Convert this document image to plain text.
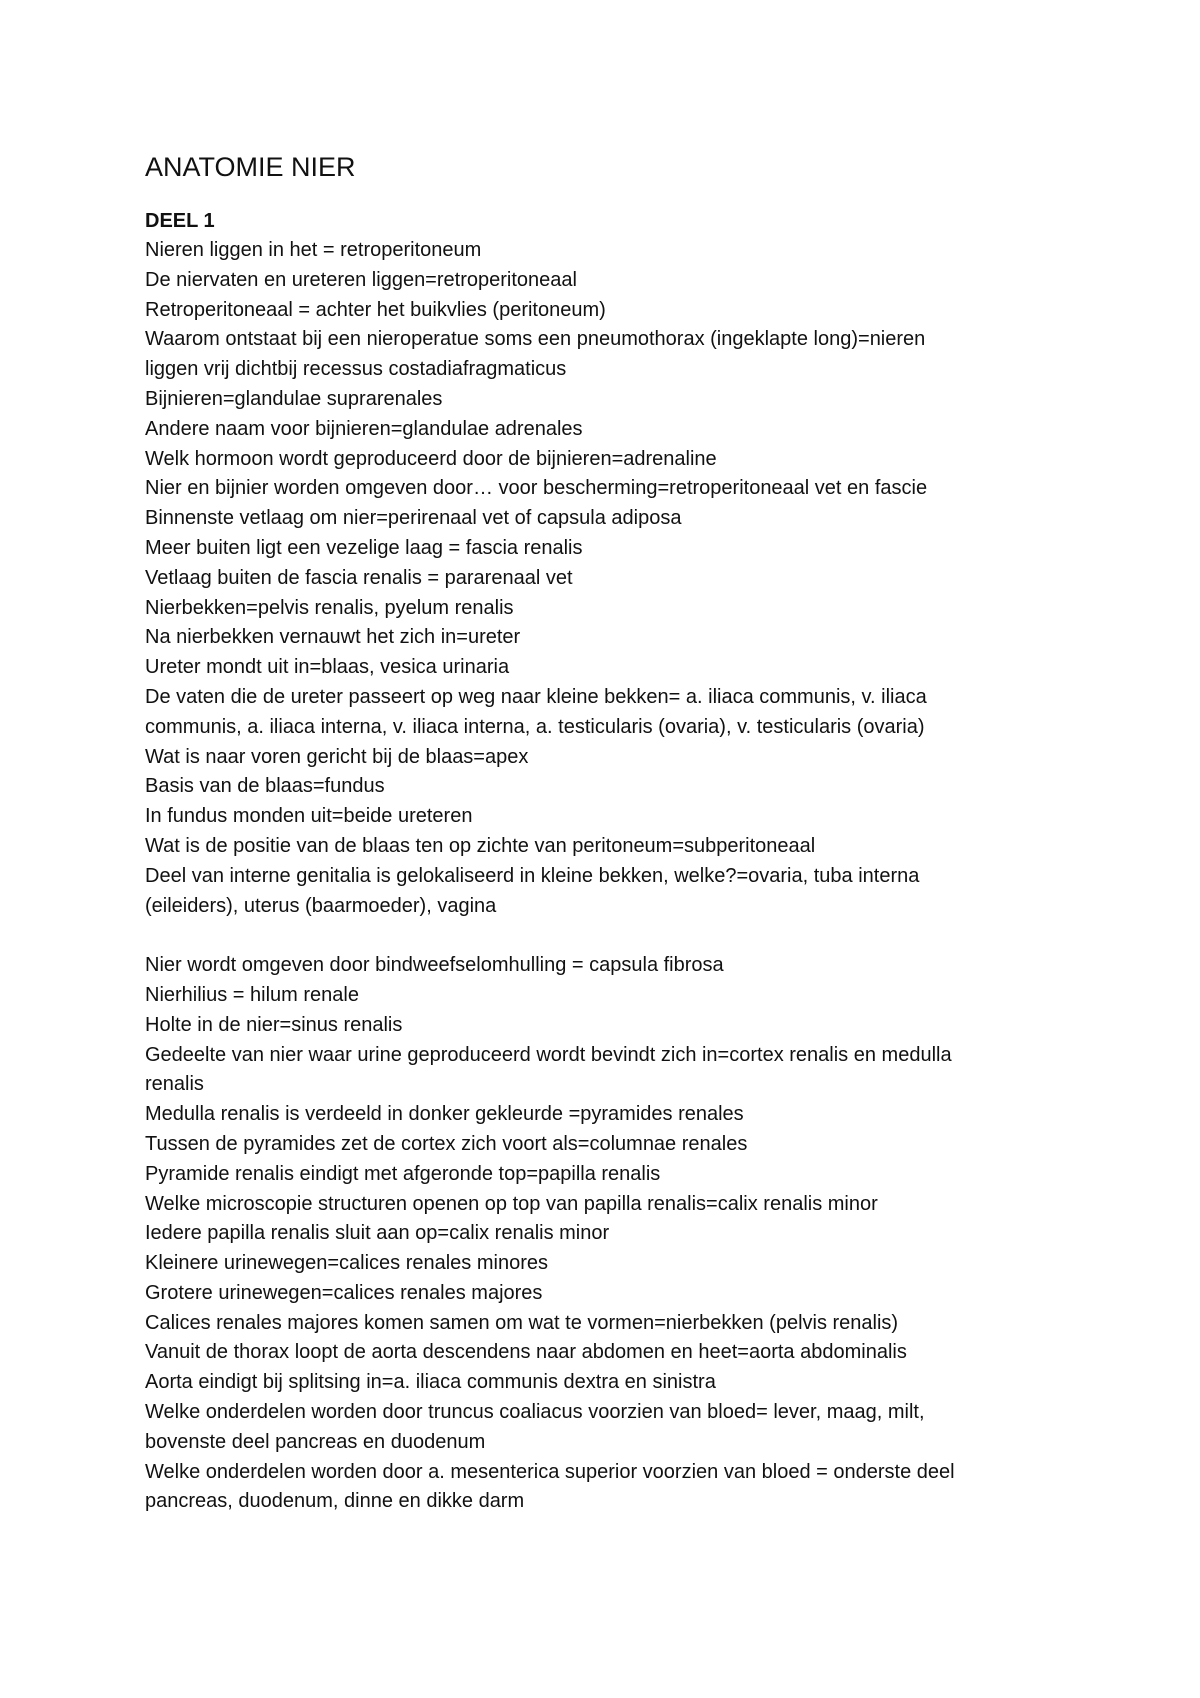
ANATOMIE NIER
DEEL 1
Nieren liggen in het = retroperitoneum
De niervaten en ureteren liggen=retroperitoneaal
Retroperitoneaal = achter het buikvlies (peritoneum)
Waarom ontstaat bij een nieroperatue soms een pneumothorax (ingeklapte long)=nieren
liggen vrij dichtbij recessus costadiafragmaticus
Bijnieren=glandulae suprarenales
Andere naam voor bijnieren=glandulae adrenales
Welk hormoon wordt geproduceerd door de bijnieren=adrenaline
Nier en bijnier worden omgeven door… voor bescherming=retroperitoneaal vet en fascie
Binnenste vetlaag om nier=perirenaal vet of capsula adiposa
Meer buiten ligt een vezelige laag = fascia renalis
Vetlaag buiten de fascia renalis = pararenaal vet
Nierbekken=pelvis renalis, pyelum renalis
Na nierbekken vernauwt het zich in=ureter
Ureter mondt uit in=blaas, vesica urinaria
De vaten die de ureter passeert op weg naar kleine bekken= a. iliaca communis, v. iliaca
communis, a. iliaca interna, v. iliaca interna, a. testicularis (ovaria), v. testicularis (ovaria)
Wat is naar voren gericht bij de blaas=apex
Basis van de blaas=fundus
In fundus monden uit=beide ureteren
Wat is de positie van de blaas ten op zichte van peritoneum=subperitoneaal
Deel van interne genitalia is gelokaliseerd in kleine bekken, welke?=ovaria, tuba interna
(eileiders), uterus (baarmoeder), vagina
Nier wordt omgeven door bindweefselomhulling = capsula fibrosa
Nierhilius = hilum renale
Holte in de nier=sinus renalis
Gedeelte van nier waar urine geproduceerd wordt bevindt zich in=cortex renalis en medulla
renalis
Medulla renalis is verdeeld in donker gekleurde =pyramides renales
Tussen de pyramides zet de cortex zich voort als=columnae renales
Pyramide renalis eindigt met afgeronde top=papilla renalis
Welke microscopie structuren openen op top van papilla renalis=calix renalis minor
Iedere papilla renalis sluit aan op=calix renalis minor
Kleinere urinewegen=calices renales minores
Grotere urinewegen=calices renales majores
Calices renales majores komen samen om wat te vormen=nierbekken (pelvis renalis)
Vanuit de thorax loopt de aorta descendens naar abdomen en heet=aorta abdominalis
Aorta eindigt bij splitsing in=a. iliaca communis dextra en sinistra
Welke onderdelen worden door truncus coaliacus voorzien van bloed= lever, maag, milt,
bovenste deel pancreas en duodenum
Welke onderdelen worden door a. mesenterica superior voorzien van bloed = onderste deel
pancreas, duodenum, dinne en dikke darm
